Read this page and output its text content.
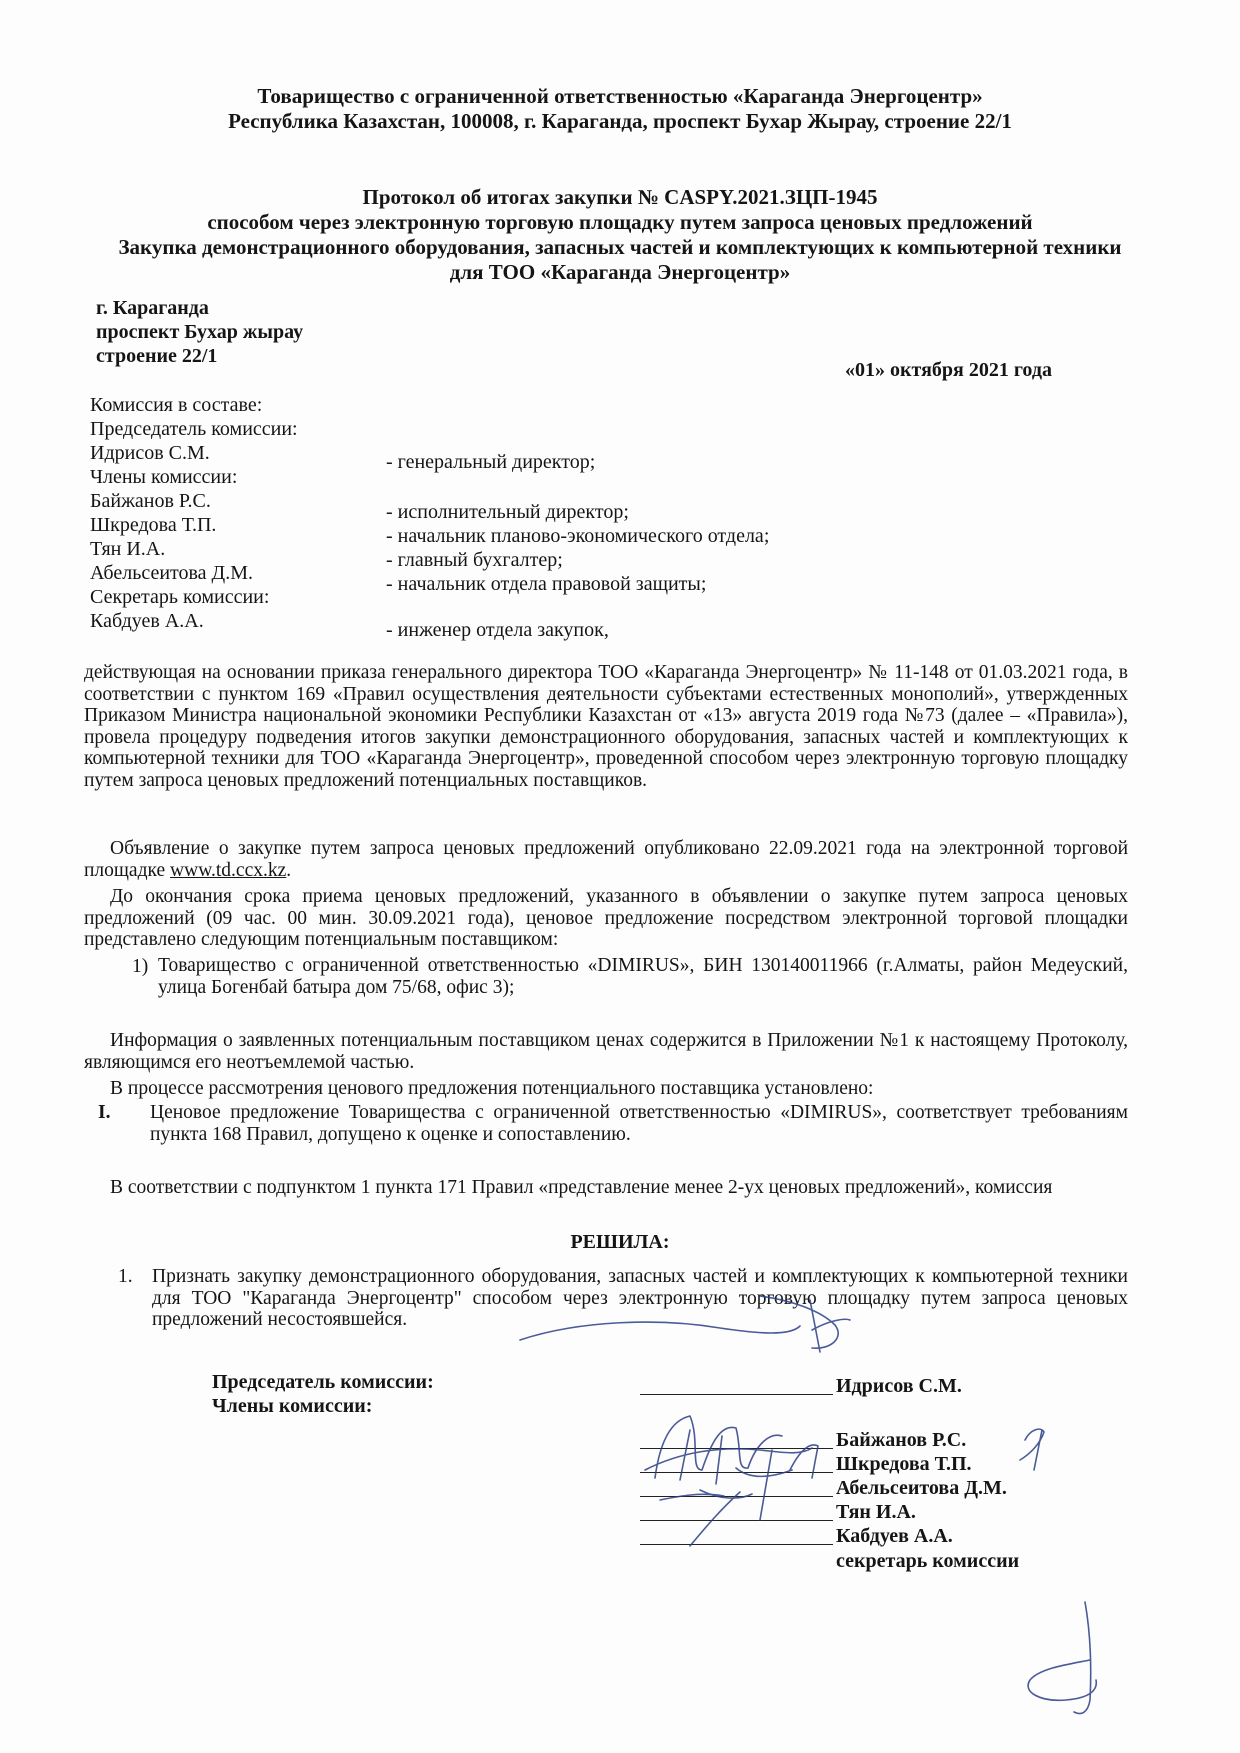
Товарищество с ограниченной ответственностью «Караганда Энергоцентр»
Республика Казахстан, 100008, г. Караганда, проспект Бухар Жырау, строение 22/1
Протокол об итогах закупки № CASPY.2021.ЗЦП-1945
способом через электронную торговую площадку путем запроса ценовых предложений
Закупка демонстрационного оборудования, запасных частей и комплектующих к компьютерной техники
для ТОО «Караганда Энергоцентр»
г. Караганда
проспект Бухар жырау
строение 22/1
«01» октября 2021 года
Комиссия в составе:
Председатель комиссии:
Идрисов С.М.	- генеральный директор;
Члены комиссии:
Байжанов Р.С.	- исполнительный директор;
Шкредова Т.П.	- начальник планово-экономического отдела;
Тян И.А.	- главный бухгалтер;
Абельсеитова Д.М.	- начальник отдела правовой защиты;
Секретарь комиссии:
Кабдуев А.А.	- инженер отдела закупок,
действующая на основании приказа генерального директора ТОО «Караганда Энергоцентр» № 11-148 от 01.03.2021 года, в соответствии с пунктом 169 «Правил осуществления деятельности субъектами естественных монополий», утвержденных Приказом Министра национальной экономики Республики Казахстан от «13» августа 2019 года №73 (далее – «Правила»), провела процедуру подведения итогов закупки демонстрационного оборудования, запасных частей и комплектующих к компьютерной техники для ТОО «Караганда Энергоцентр», проведенной способом через электронную торговую площадку путем запроса ценовых предложений потенциальных поставщиков.
Объявление о закупке путем запроса ценовых предложений опубликовано 22.09.2021 года на электронной торговой площадке www.td.ccx.kz.
До окончания срока приема ценовых предложений, указанного в объявлении о закупке путем запроса ценовых предложений (09 час. 00 мин. 30.09.2021 года), ценовое предложение посредством электронной торговой площадки представлено следующим потенциальным поставщиком:
1) Товарищество с ограниченной ответственностью «DIMIRUS», БИН 130140011966 (г.Алматы, район Медеуский, улица Богенбай батыра дом 75/68, офис 3);
Информация о заявленных потенциальным поставщиком ценах содержится в Приложении №1 к настоящему Протоколу, являющимся его неотъемлемой частью.
В процессе рассмотрения ценового предложения потенциального поставщика установлено:
I. Ценовое предложение Товарищества с ограниченной ответственностью «DIMIRUS», соответствует требованиям пункта 168 Правил, допущено к оценке и сопоставлению.
В соответствии с подпунктом 1 пункта 171 Правил «представление менее 2-ух ценовых предложений», комиссия
РЕШИЛА:
1. Признать закупку демонстрационного оборудования, запасных частей и комплектующих к компьютерной техники для ТОО "Караганда Энергоцентр" способом через электронную торговую площадку путем запроса ценовых предложений несостоявшейся.
Председатель комиссии:
Члены комиссии:
Идрисов С.М.
Байжанов Р.С.
Шкредова Т.П.
Абельсеитова Д.М.
Тян И.А.
Кабдуев А.А.
секретарь комиссии
